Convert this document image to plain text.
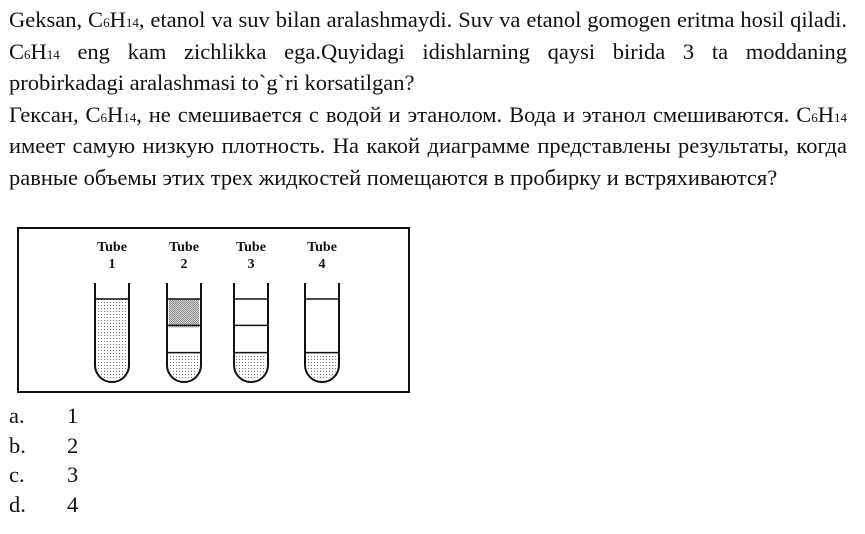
Geksan, C6H14, etanol va suv bilan aralashmaydi. Suv va etanol gomogen eritma hosil qiladi. C6H14 eng kam zichlikka ega.Quyidagi idishlarning qaysi birida 3 ta moddaning probirkadagi aralashmasi to`g`ri korsatilgan?

Гексан, C6H14, не смешивается с водой и этанолом. Вода и этанол смешиваются. C6H14 имеет самую низкую плотность. На какой диаграмме представлены результаты, когда равные объемы этих трех жидкостей помещаются в пробирку и встряхиваются?

Tube
1
Tube
2
Tube
3
Tube
4
a.	1
b.	2
c.	3
d.	4
